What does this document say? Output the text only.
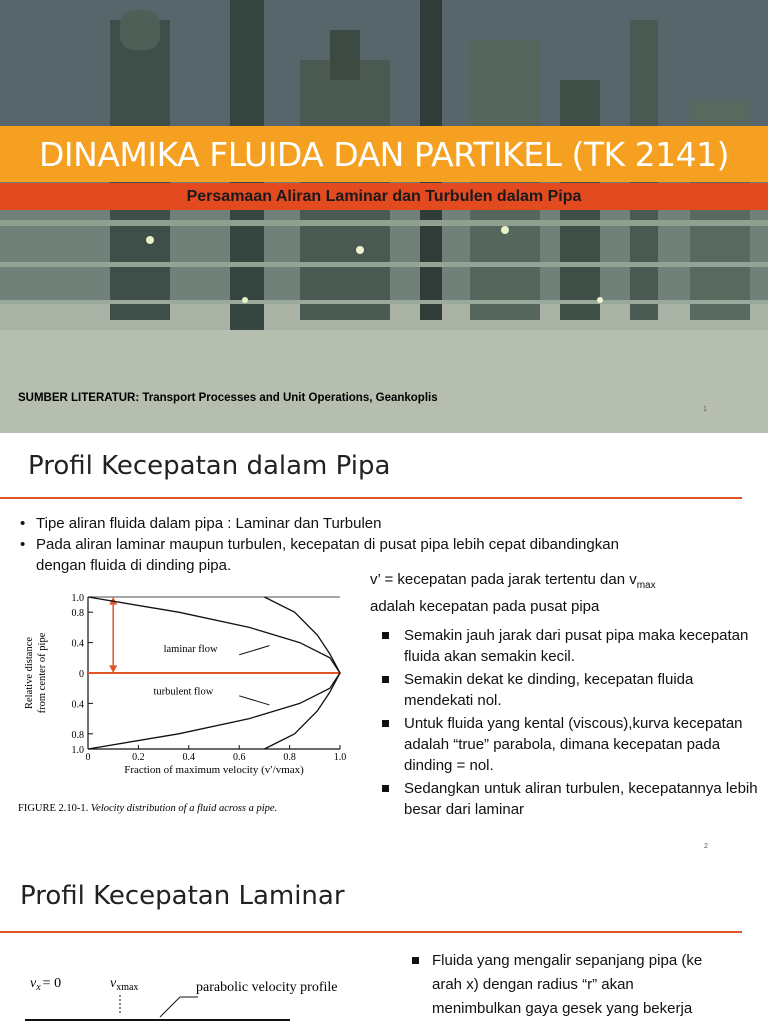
DINAMIKA FLUIDA DAN PARTIKEL (TK 2141)
Persamaan Aliran Laminar dan Turbulen dalam Pipa
SUMBER LITERATUR: Transport Processes and Unit Operations, Geankoplis
1
Profil Kecepatan dalam Pipa
• Tipe aliran fluida dalam pipa : Laminar dan Turbulen
• Pada aliran laminar maupun turbulen, kecepatan di pusat pipa lebih cepat dibandingkan
dengan fluida di dinding pipa.
0	0.2	0.4	0.6	0.8	1.0
1.0
0.8
0.4
0
0.4
0.8
1.0
laminar flow
turbulent flow
Fraction of maximum velocity (v′/vmax)
Relative distance from center of pipe
FIGURE 2.10-1. Velocity distribution of a fluid across a pipe.
v’ = kecepatan pada jarak tertentu dan $v_{max}$
adalah kecepatan pada pusat pipa
Semakin jauh jarak dari pusat pipa maka kecepatan fluida akan semakin kecil.
Semakin dekat ke dinding, kecepatan fluida mendekati nol.
Untuk fluida yang kental (viscous),kurva kecepatan adalah “true” parabola, dimana kecepatan pada dinding = nol.
Sedangkan untuk aliran turbulen, kecepatannya lebih besar dari laminar
2
Profil Kecepatan Laminar
$v_x = 0$	$v_{xmax}$	parabolic velocity profile
Fluida yang mengalir sepanjang pipa (ke
arah x) dengan radius “r” akan
menimbulkan gaya gesek yang bekerja
